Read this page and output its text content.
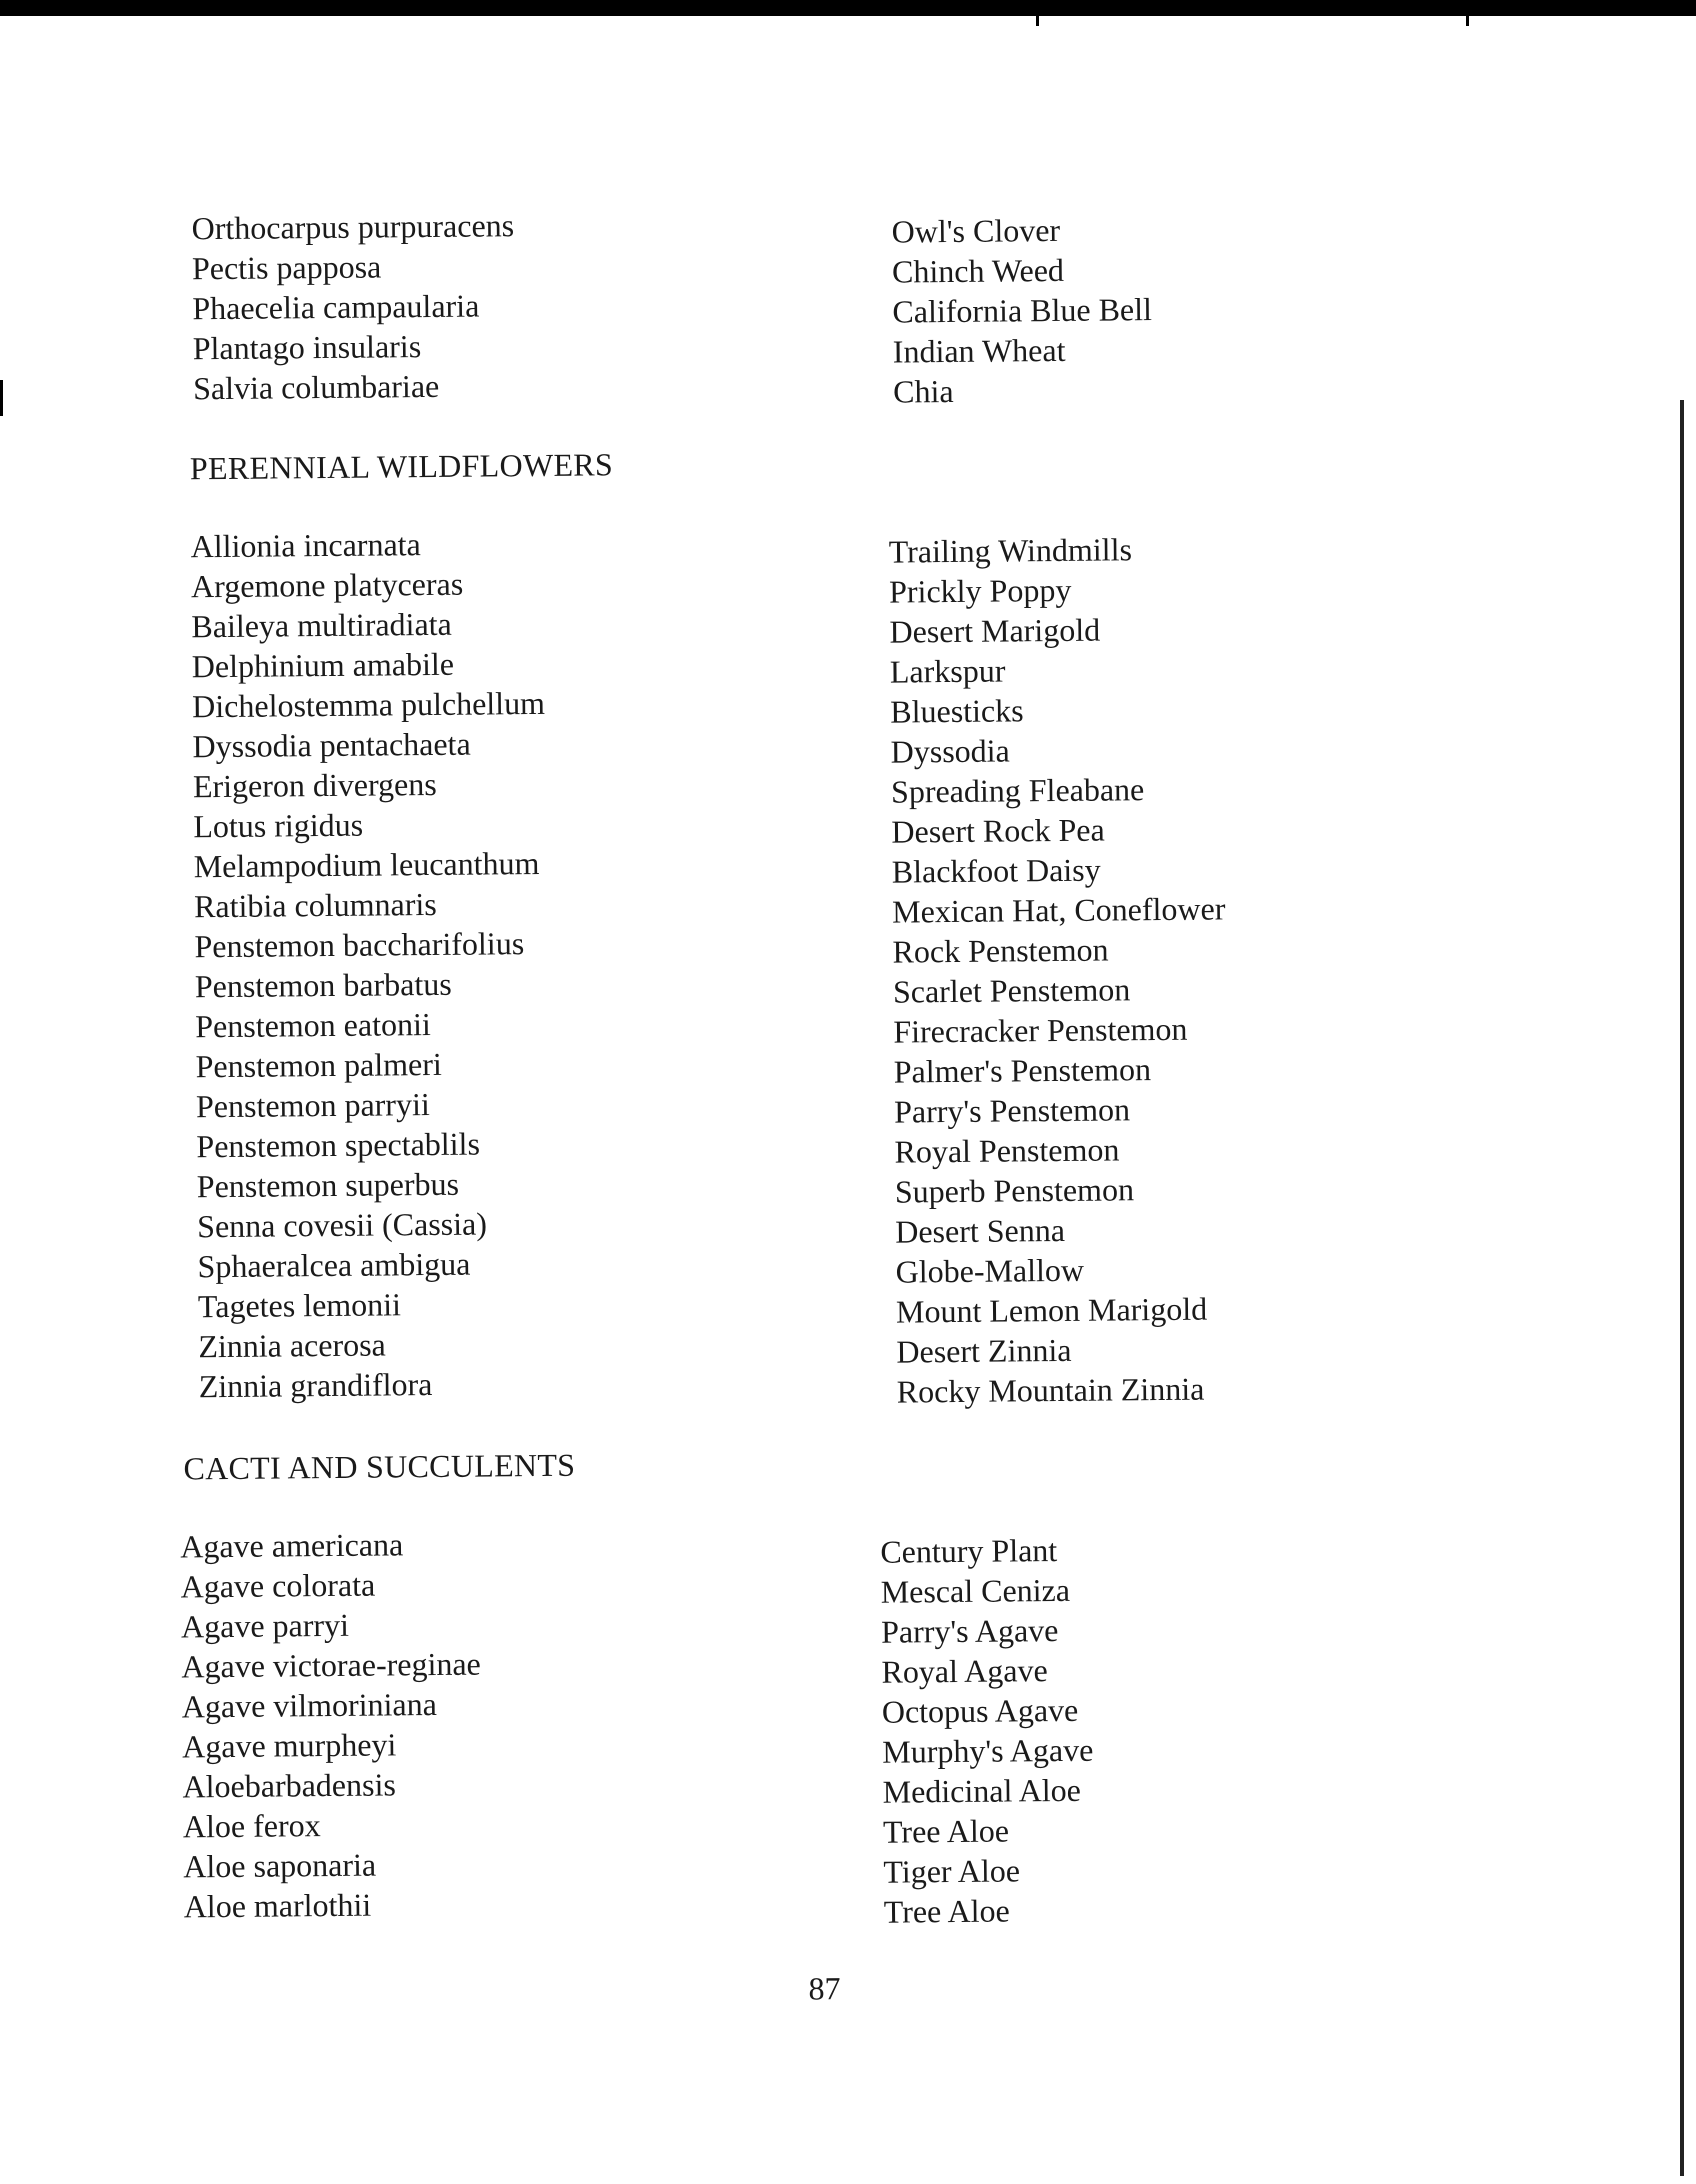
Orthocarpus purpuracens
Pectis papposa
Phaecelia campaularia
Plantago insularis
Salvia columbariae
Owl's Clover
Chinch Weed
California Blue Bell
Indian Wheat
Chia
PERENNIAL WILDFLOWERS
Allionia incarnata
Argemone platyceras
Baileya multiradiata
Delphinium amabile
Dichelostemma pulchellum
Dyssodia pentachaeta
Erigeron divergens
Lotus rigidus
Melampodium leucanthum
Ratibia columnaris
Penstemon baccharifolius
Penstemon barbatus
Penstemon eatonii
Penstemon palmeri
Penstemon parryii
Penstemon spectablils
Penstemon superbus
Senna covesii (Cassia)
Sphaeralcea ambigua
Tagetes lemonii
Zinnia acerosa
Zinnia grandiflora
Trailing Windmills
Prickly Poppy
Desert Marigold
Larkspur
Bluesticks
Dyssodia
Spreading Fleabane
Desert Rock Pea
Blackfoot Daisy
Mexican Hat, Coneflower
Rock Penstemon
Scarlet Penstemon
Firecracker Penstemon
Palmer's Penstemon
Parry's Penstemon
Royal Penstemon
Superb Penstemon
Desert Senna
Globe-Mallow
Mount Lemon Marigold
Desert Zinnia
Rocky Mountain Zinnia
CACTI AND SUCCULENTS
Agave americana
Agave colorata
Agave parryi
Agave victorae-reginae
Agave vilmoriniana
Agave murpheyi
Aloebarbadensis
Aloe ferox
Aloe saponaria
Aloe marlothii
Century Plant
Mescal Ceniza
Parry's Agave
Royal Agave
Octopus Agave
Murphy's Agave
Medicinal Aloe
Tree Aloe
Tiger Aloe
Tree Aloe
87
